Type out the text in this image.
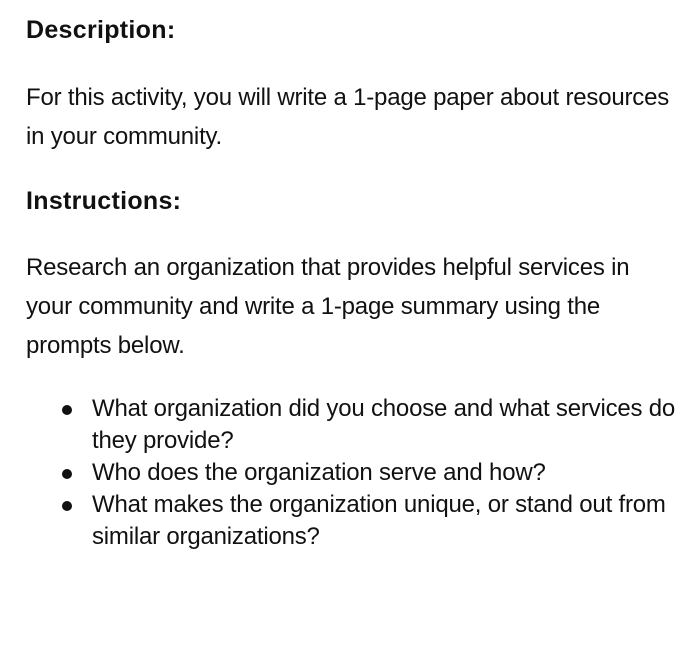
Description:

For this activity, you will write a 1-page paper about resources in your community.

Instructions:

Research an organization that provides helpful services in your community and write a 1-page summary using the prompts below.

What organization did you choose and what services do they provide?
Who does the organization serve and how?
What makes the organization unique, or stand out from similar organizations?
